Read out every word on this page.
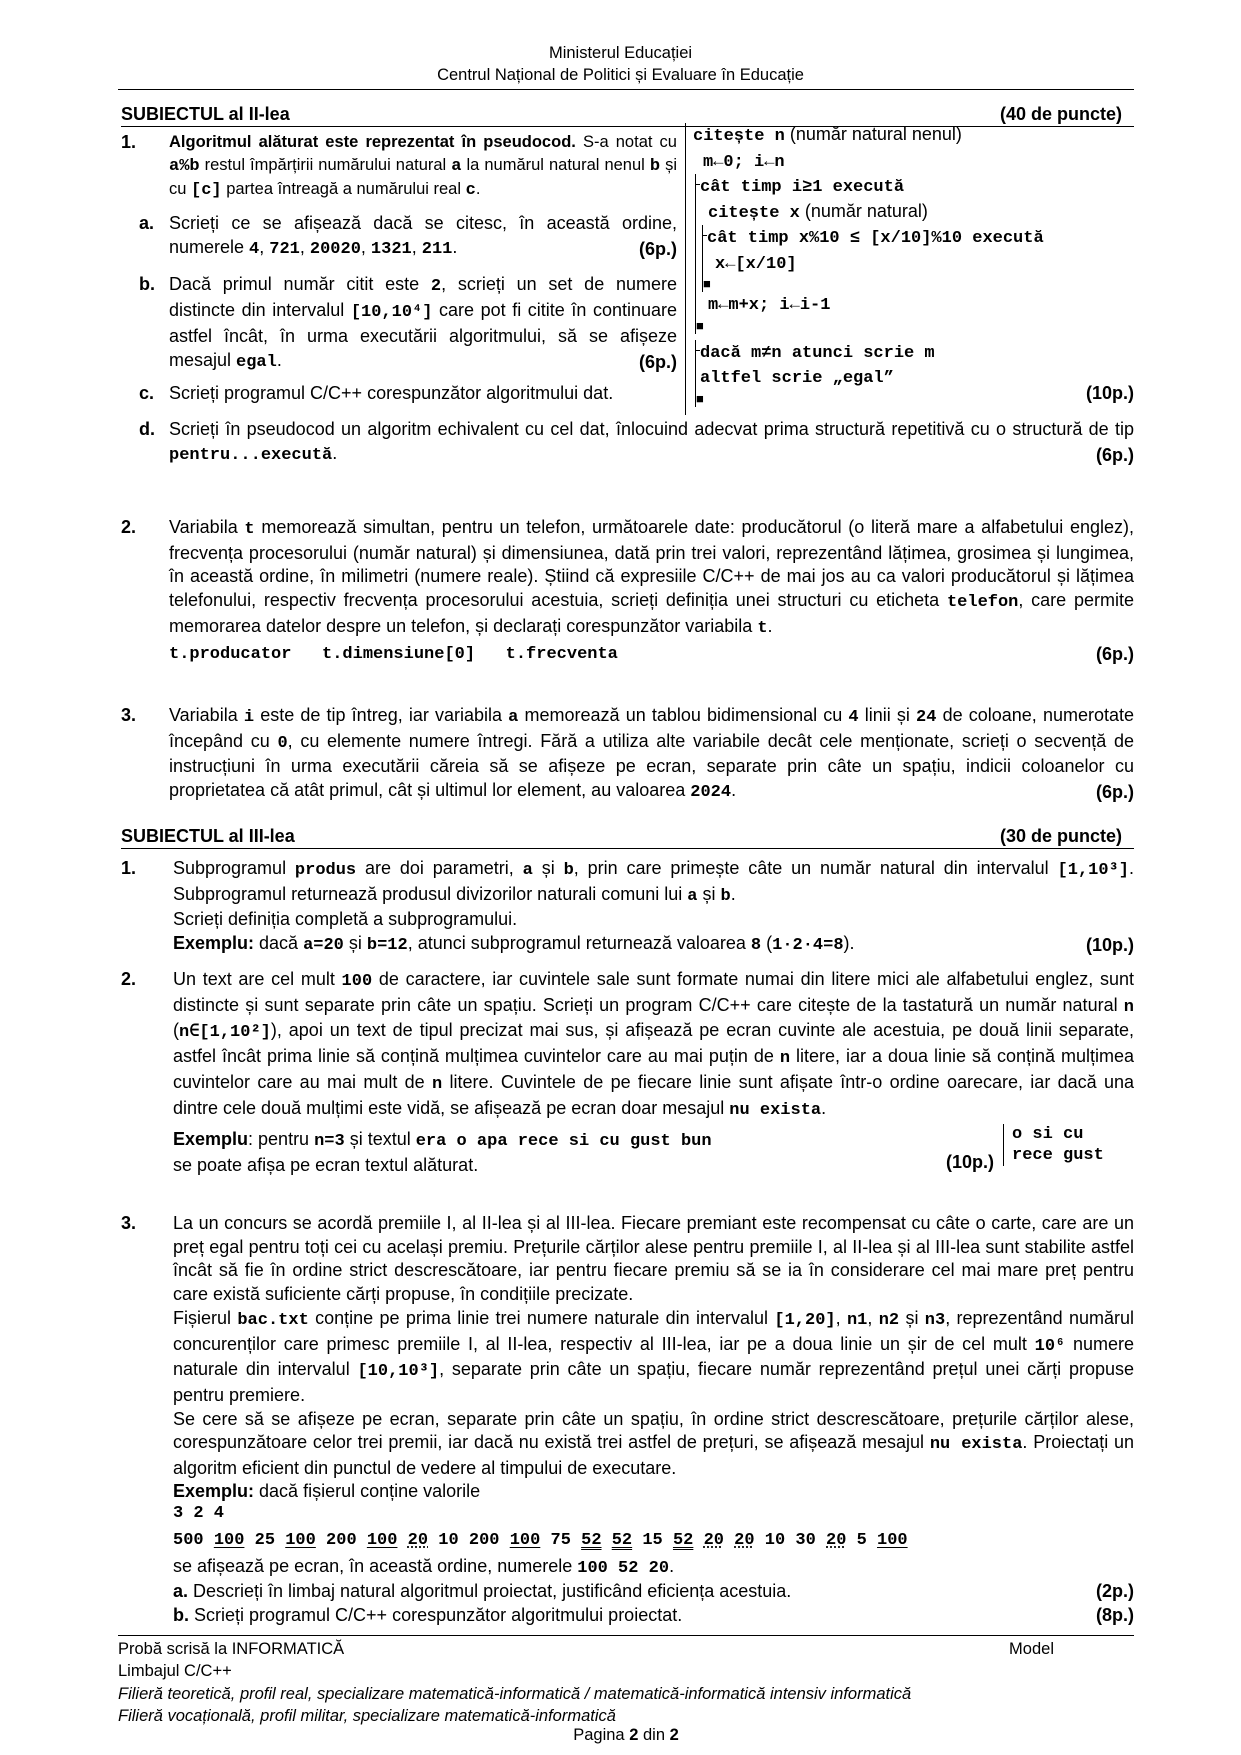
Ministerul Educației
Centrul Național de Politici și Evaluare în Educație
SUBIECTUL al II-lea	(40 de puncte)
1. Algoritmul alăturat este reprezentat în pseudocod. S-a notat cu a%b restul împărțirii numărului natural a la numărul natural nenul b și cu [c] partea întreagă a numărului real c.

a. Scrieți ce se afișează dacă se citesc, în această ordine, numerele 4, 721, 20020, 1321, 211.	(6p.)
b. Dacă primul număr citit este 2, scrieți un set de numere distincte din intervalul [10,10⁴] care pot fi citite în continuare astfel încât, în urma executării algoritmului, să se afișeze mesajul egal.	(6p.)
citește n (număr natural nenul)
m←0; i←n
cât timp i≥1 execută
citește x (număr natural)
cât timp x%10 ≤ [x/10]%10 execută
x←[x/10]
■
m←m+x; i←i-1
■
dacă m≠n atunci scrie m
altfel scrie „egal”
■
c. Scrieți programul C/C++ corespunzător algoritmului dat.	(10p.)
d. Scrieți în pseudocod un algoritm echivalent cu cel dat, înlocuind adecvat prima structură repetitivă cu o structură de tip pentru...execută.	(6p.)
2. Variabila t memorează simultan, pentru un telefon, următoarele date: producătorul (o literă mare a alfabetului englez), frecvența procesorului (număr natural) și dimensiunea, dată prin trei valori, reprezentând lățimea, grosimea și lungimea, în această ordine, în milimetri (numere reale). Știind că expresiile C/C++ de mai jos au ca valori producătorul și lățimea telefonului, respectiv frecvența procesorului acestuia, scrieți definiția unei structuri cu eticheta telefon, care permite memorarea datelor despre un telefon, și declarați corespunzător variabila t.

t.producator   t.dimensiune[0]   t.frecventa	(6p.)
3. Variabila i este de tip întreg, iar variabila a memorează un tablou bidimensional cu 4 linii și 24 de coloane, numerotate începând cu 0, cu elemente numere întregi. Fără a utiliza alte variabile decât cele menționate, scrieți o secvență de instrucțiuni în urma executării căreia să se afișeze pe ecran, separate prin câte un spațiu, indicii coloanelor cu proprietatea că atât primul, cât și ultimul lor element, au valoarea 2024.	(6p.)

SUBIECTUL al III-lea	(30 de puncte)
1. Subprogramul produs are doi parametri, a și b, prin care primește câte un număr natural din intervalul [1,10³]. Subprogramul returnează produsul divizorilor naturali comuni lui a și b.

Scrieți definiția completă a subprogramului.

Exemplu: dacă a=20 și b=12, atunci subprogramul returnează valoarea 8 (1·2·4=8).	(10p.)

2. Un text are cel mult 100 de caractere, iar cuvintele sale sunt formate numai din litere mici ale alfabetului englez, sunt distincte și sunt separate prin câte un spațiu. Scrieți un program C/C++ care citește de la tastatură un număr natural n (n∈[1,10²]), apoi un text de tipul precizat mai sus, și afișează pe ecran cuvinte ale acestuia, pe două linii separate, astfel încât prima linie să conțină mulțimea cuvintelor care au mai puțin de n litere, iar a doua linie să conțină mulțimea cuvintelor care au mai mult de n litere. Cuvintele de pe fiecare linie sunt afișate într-o ordine oarecare, iar dacă una dintre cele două mulțimi este vidă, se afișează pe ecran doar mesajul nu exista.

Exemplu: pentru n=3 și textul era o apa rece si cu gust bun
se poate afișa pe ecran textul alăturat.	(10p.)
o si cu
rece gust
3. La un concurs se acordă premiile I, al II-lea și al III-lea. Fiecare premiant este recompensat cu câte o carte, care are un preț egal pentru toți cei cu același premiu. Prețurile cărților alese pentru premiile I, al II-lea și al III-lea sunt stabilite astfel încât să fie în ordine strict descrescătoare, iar pentru fiecare premiu să se ia în considerare cel mai mare preț pentru care există suficiente cărți propuse, în condițiile precizate.

Fișierul bac.txt conține pe prima linie trei numere naturale din intervalul [1,20], n1, n2 și n3, reprezentând numărul concurenților care primesc premiile I, al II-lea, respectiv al III-lea, iar pe a doua linie un șir de cel mult 10⁶ numere naturale din intervalul [10,10³], separate prin câte un spațiu, fiecare număr reprezentând prețul unei cărți propuse pentru premiere.

Se cere să se afișeze pe ecran, separate prin câte un spațiu, în ordine strict descrescătoare, prețurile cărților alese, corespunzătoare celor trei premii, iar dacă nu există trei astfel de prețuri, se afișează mesajul nu exista. Proiectați un algoritm eficient din punctul de vedere al timpului de executare.

Exemplu: dacă fișierul conține valorile
3 2 4
500 100 25 100 200 100 20 10 200 100 75 52 52 15 52 20 20 10 30 20 5 100
se afișează pe ecran, în această ordine, numerele 100 52 20.
a. Descrieți în limbaj natural algoritmul proiectat, justificând eficiența acestuia.	(2p.)
b. Scrieți programul C/C++ corespunzător algoritmului proiectat.	(8p.)
Probă scrisă la INFORMATICĂ	Model
Limbajul C/C++
Filieră teoretică, profil real, specializare matematică-informatică / matematică-informatică intensiv informatică
Filieră vocațională, profil militar, specializare matematică-informatică
Pagina 2 din 2
